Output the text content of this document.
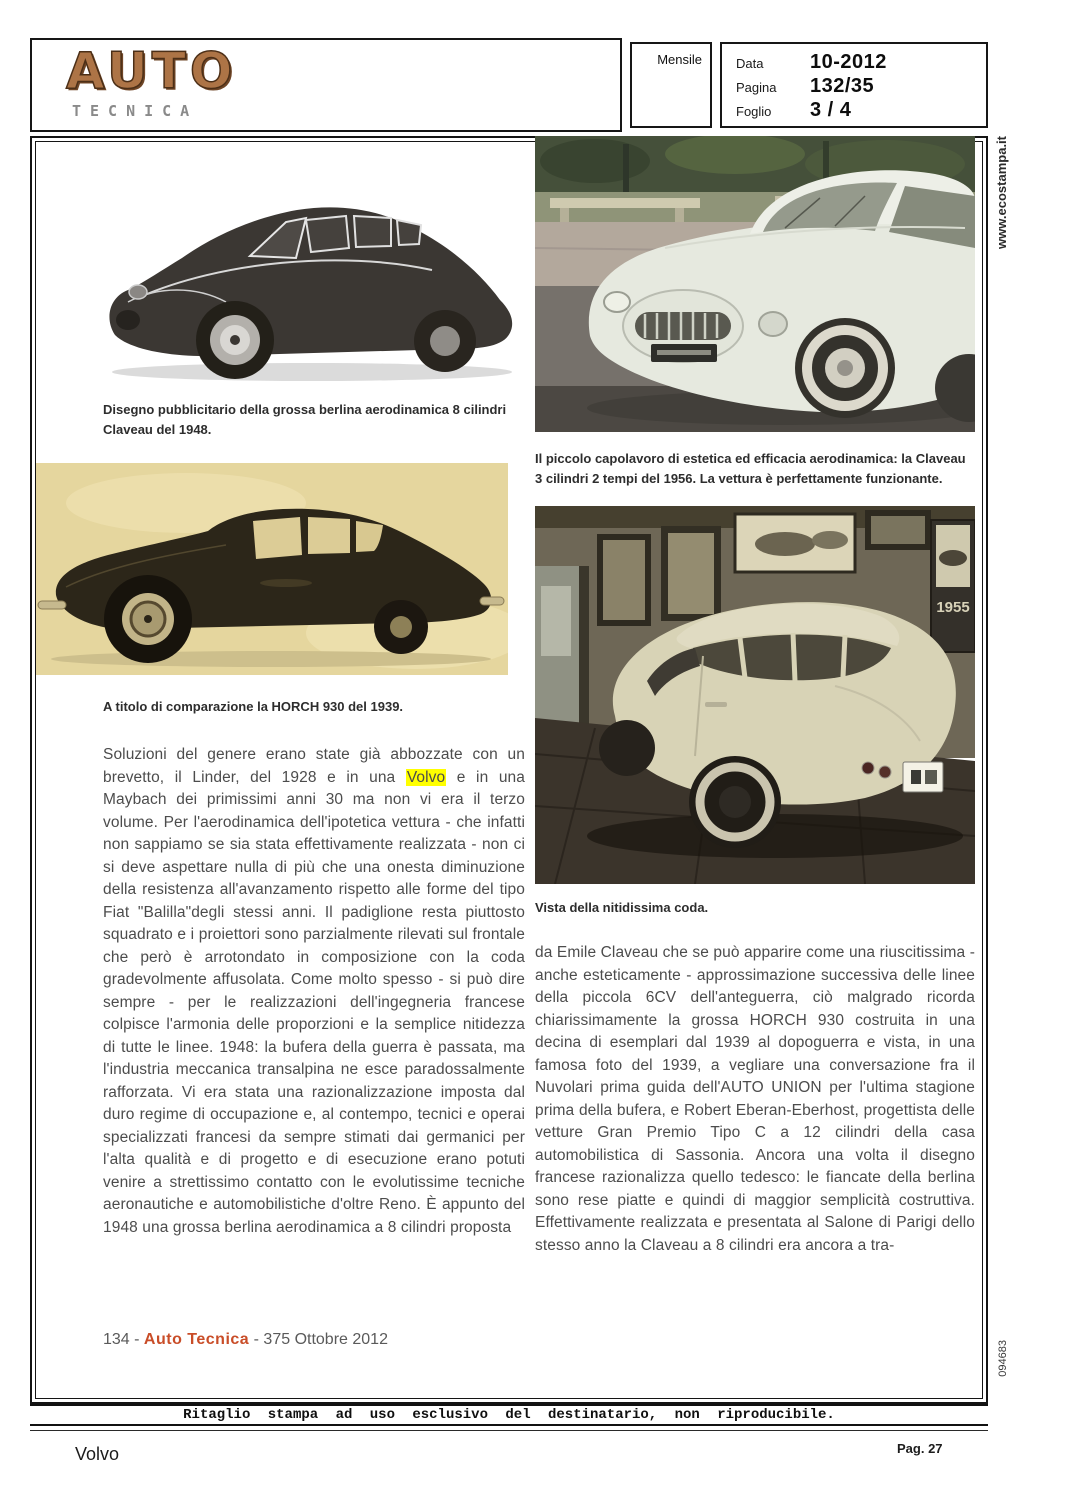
AUTO
TECNICA
Mensile	Data	10-2012
Pagina	132/35
Foglio	3 / 4
1955
Disegno pubblicitario della grossa berlina aerodinamica 8 cilindri Claveau del 1948.
Il piccolo capolavoro di estetica ed efficacia aerodinamica: la Claveau 3 cilindri 2 tempi del 1956. La vettura è perfettamente funzionante.
A titolo di comparazione la HORCH 930 del 1939.
Vista della nitidissima coda.
Soluzioni del genere erano state già abbozzate con un brevetto, il Linder, del 1928 e in una Volvo e in una Maybach dei primissimi anni 30 ma non vi era il terzo volume. Per l'aerodinamica dell'ipotetica vettura - che infatti non sappiamo se sia stata effettivamente realizzata - non ci si deve aspettare nulla di più che una onesta diminuzione della resistenza all'avanzamento rispetto alle forme del tipo Fiat "Balilla"degli stessi anni. Il padiglione resta piuttosto squadrato e i proiettori sono parzialmente rilevati sul frontale che però è arrotondato in composizione con la coda gradevolmente affusolata. Come molto spesso - si può dire sempre - per le realizzazioni dell'ingegneria francese colpisce l'armonia delle proporzioni e la semplice nitidezza di tutte le linee. 1948: la bufera della guerra è passata, ma l'industria meccanica transalpina ne esce paradossalmente rafforzata. Vi era stata una razionalizzazione imposta dal duro regime di occupazione e, al contempo, tecnici e operai specializzati francesi da sempre stimati dai germanici per l'alta qualità e di progetto e di esecuzione erano potuti venire a strettissimo contatto con le evolutissime tecniche aeronautiche e automobilistiche d'oltre Reno. È appunto del 1948 una grossa berlina aerodinamica a 8 cilindri proposta
da Emile Claveau che se può apparire come una riuscitissima - anche esteticamente - approssimazione successiva delle linee della piccola 6CV dell'anteguerra, ciò malgrado ricorda chiarissimamente la grossa HORCH 930 costruita in una decina di esemplari dal 1939 al dopoguerra e vista, in una famosa foto del 1939, a vegliare una conversazione fra il Nuvolari prima guida dell'AUTO UNION per l'ultima stagione prima della bufera, e Robert Eberan-Eberhost, progettista delle vetture Gran Premio Tipo C a 12 cilindri della casa automobilistica di Sassonia. Ancora una volta il disegno francese razionalizza quello tedesco: le fiancate della berlina sono rese piatte e quindi di maggior semplicità costruttiva. Effettivamente realizzata e presentata al Salone di Parigi dello stesso anno la Claveau a 8 cilindri era ancora a tra-
134 - Auto Tecnica - 375 Ottobre 2012
Ritaglio stampa ad uso esclusivo del destinatario, non riproducibile.
Volvo	Pag. 27
www.ecostampa.it
094683
